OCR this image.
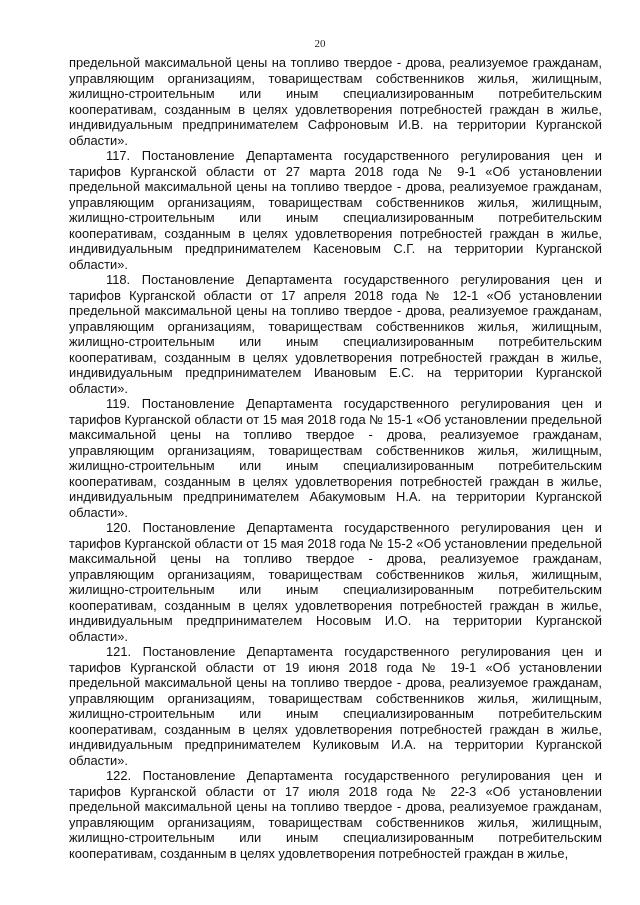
20

предельной максимальной цены на топливо твердое - дрова, реализуемое гражданам, управляющим организациям, товариществам собственников жилья, жилищным, жилищно-строительным или иным специализированным потребительским кооперативам, созданным в целях удовлетворения потребностей граждан в жилье, индивидуальным предпринимателем Сафроновым И.В. на территории Курганской области».

117. Постановление Департамента государственного регулирования цен и тарифов Курганской области от 27 марта 2018 года № 9-1 «Об установлении предельной максимальной цены на топливо твердое - дрова, реализуемое гражданам, управляющим организациям, товариществам собственников жилья, жилищным, жилищно-строительным или иным специализированным потребительским кооперативам, созданным в целях удовлетворения потребностей граждан в жилье, индивидуальным предпринимателем Касеновым С.Г. на территории Курганской области».

118. Постановление Департамента государственного регулирования цен и тарифов Курганской области от 17 апреля 2018 года № 12-1 «Об установлении предельной максимальной цены на топливо твердое - дрова, реализуемое гражданам, управляющим организациям, товариществам собственников жилья, жилищным, жилищно-строительным или иным специализированным потребительским кооперативам, созданным в целях удовлетворения потребностей граждан в жилье, индивидуальным предпринимателем Ивановым Е.С. на территории Курганской области».

119. Постановление Департамента государственного регулирования цен и тарифов Курганской области от 15 мая 2018 года № 15-1 «Об установлении предельной максимальной цены на топливо твердое - дрова, реализуемое гражданам, управляющим организациям, товариществам собственников жилья, жилищным, жилищно-строительным или иным специализированным потребительским кооперативам, созданным в целях удовлетворения потребностей граждан в жилье, индивидуальным предпринимателем Абакумовым Н.А. на территории Курганской области».

120. Постановление Департамента государственного регулирования цен и тарифов Курганской области от 15 мая 2018 года № 15-2 «Об установлении предельной максимальной цены на топливо твердое - дрова, реализуемое гражданам, управляющим организациям, товариществам собственников жилья, жилищным, жилищно-строительным или иным специализированным потребительским кооперативам, созданным в целях удовлетворения потребностей граждан в жилье, индивидуальным предпринимателем Носовым И.О. на территории Курганской области».

121. Постановление Департамента государственного регулирования цен и тарифов Курганской области от 19 июня 2018 года № 19-1 «Об установлении предельной максимальной цены на топливо твердое - дрова, реализуемое гражданам, управляющим организациям, товариществам собственников жилья, жилищным, жилищно-строительным или иным специализированным потребительским кооперативам, созданным в целях удовлетворения потребностей граждан в жилье, индивидуальным предпринимателем Куликовым И.А. на территории Курганской области».

122. Постановление Департамента государственного регулирования цен и тарифов Курганской области от 17 июля 2018 года № 22-3 «Об установлении предельной максимальной цены на топливо твердое - дрова, реализуемое гражданам, управляющим организациям, товариществам собственников жилья, жилищным, жилищно-строительным или иным специализированным потребительским кооперативам, созданным в целях удовлетворения потребностей граждан в жилье,
